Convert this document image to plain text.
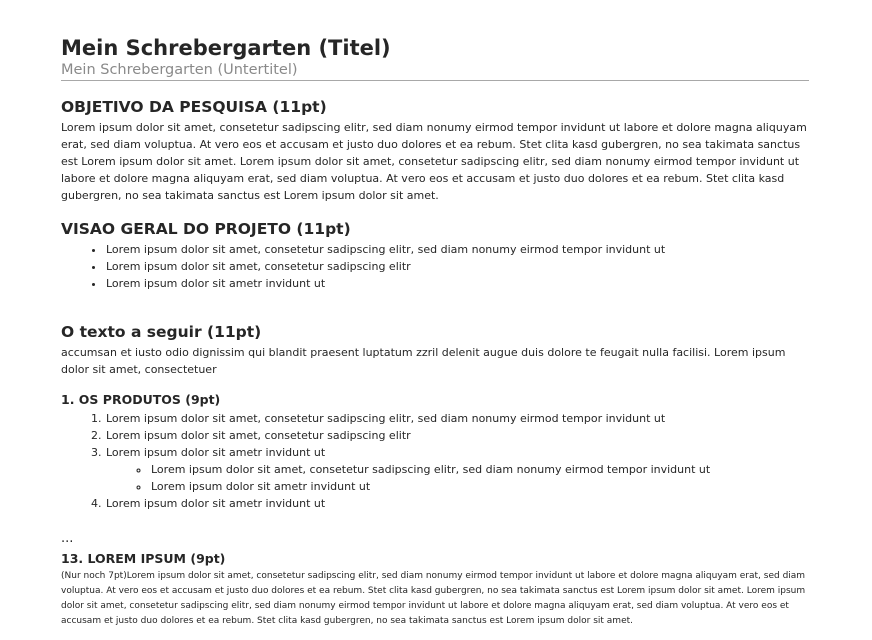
Mein Schrebergarten (Titel)
Mein Schrebergarten (Untertitel)
OBJETIVO DA PESQUISA (11pt)

Lorem ipsum dolor sit amet, consetetur sadipscing elitr, sed diam nonumy eirmod tempor invidunt ut labore et dolore magna aliquyam erat, sed diam voluptua. At vero eos et accusam et justo duo dolores et ea rebum. Stet clita kasd gubergren, no sea takimata sanctus est Lorem ipsum dolor sit amet. Lorem ipsum dolor sit amet, consetetur sadipscing elitr, sed diam nonumy eirmod tempor invidunt ut labore et dolore magna aliquyam erat, sed diam voluptua. At vero eos et accusam et justo duo dolores et ea rebum. Stet clita kasd gubergren, no sea takimata sanctus est Lorem ipsum dolor sit amet.

VISAO GERAL DO PROJETO (11pt)
• Lorem ipsum dolor sit amet, consetetur sadipscing elitr, sed diam nonumy eirmod tempor invidunt ut
• Lorem ipsum dolor sit amet, consetetur sadipscing elitr
• Lorem ipsum dolor sit ametr invidunt ut
O texto a seguir (11pt)

accumsan et iusto odio dignissim qui blandit praesent luptatum zzril delenit augue duis dolore te feugait nulla facilisi. Lorem ipsum dolor sit amet, consectetuer

1. OS PRODUTOS (9pt)
1. Lorem ipsum dolor sit amet, consetetur sadipscing elitr, sed diam nonumy eirmod tempor invidunt ut
2. Lorem ipsum dolor sit amet, consetetur sadipscing elitr
3. Lorem ipsum dolor sit ametr invidunt ut
◦ Lorem ipsum dolor sit amet, consetetur sadipscing elitr, sed diam nonumy eirmod tempor invidunt ut
◦ Lorem ipsum dolor sit ametr invidunt ut
4. Lorem ipsum dolor sit ametr invidunt ut

...

13. LOREM IPSUM (9pt)

(Nur noch 7pt)Lorem ipsum dolor sit amet, consetetur sadipscing elitr, sed diam nonumy eirmod tempor invidunt ut labore et dolore magna aliquyam erat, sed diam voluptua. At vero eos et accusam et justo duo dolores et ea rebum. Stet clita kasd gubergren, no sea takimata sanctus est Lorem ipsum dolor sit amet. Lorem ipsum dolor sit amet, consetetur sadipscing elitr, sed diam nonumy eirmod tempor invidunt ut labore et dolore magna aliquyam erat, sed diam voluptua. At vero eos et accusam et justo duo dolores et ea rebum. Stet clita kasd gubergren, no sea takimata sanctus est Lorem ipsum dolor sit amet.
